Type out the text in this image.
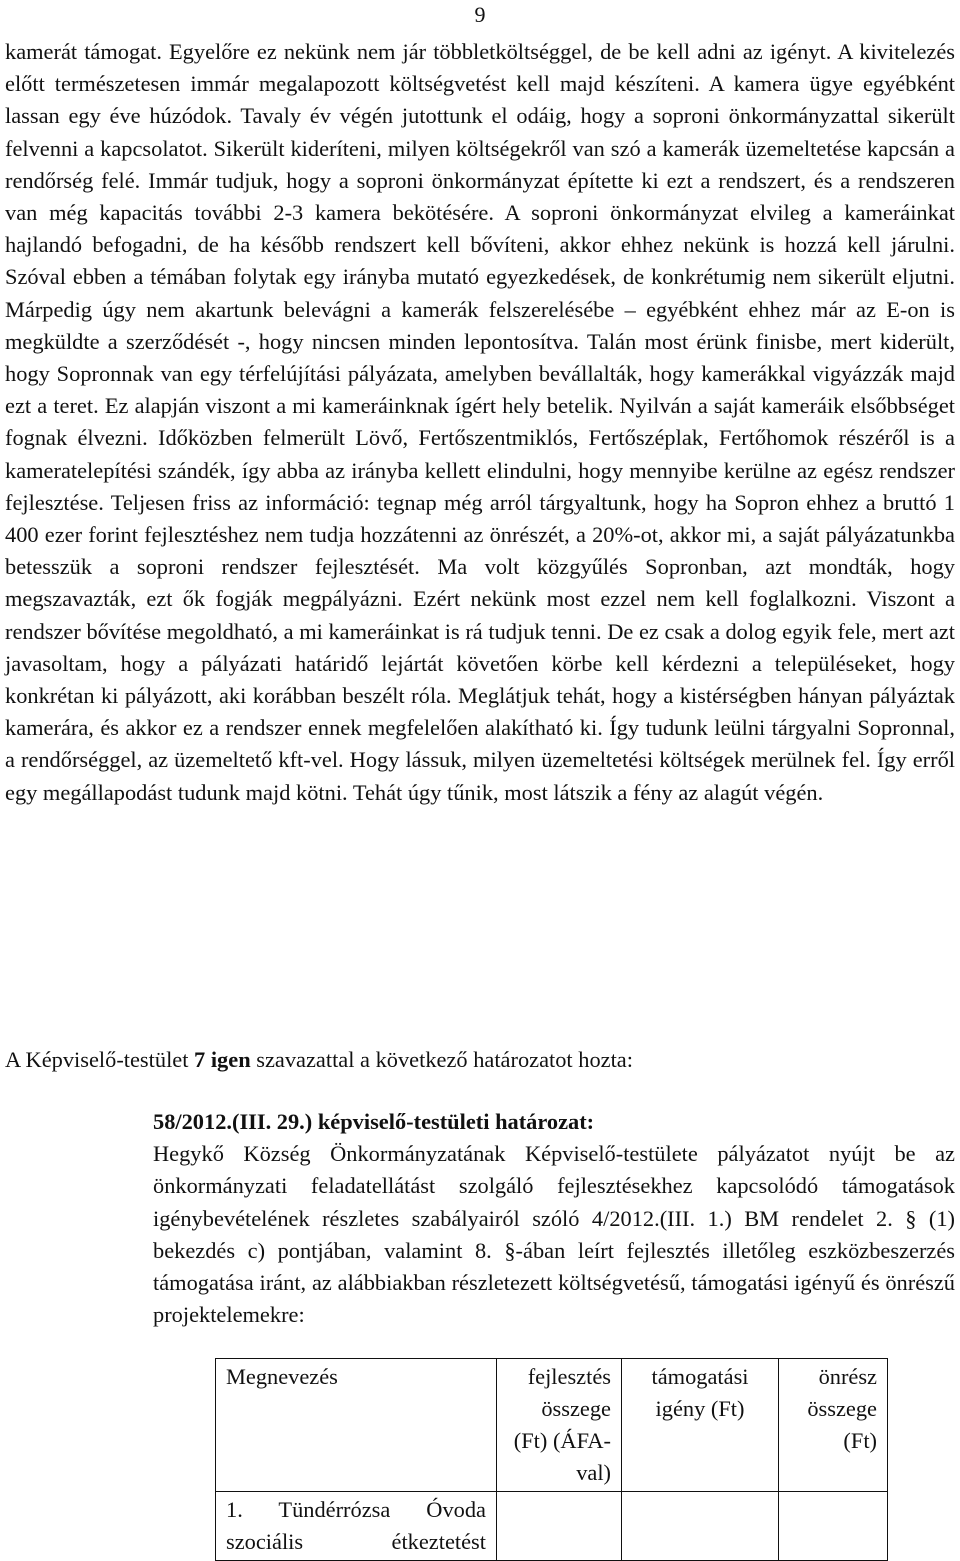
9

kamerát támogat. Egyelőre ez nekünk nem jár többletköltséggel, de be kell adni az igényt. A kivitelezés előtt természetesen immár megalapozott költségvetést kell majd készíteni. A kamera ügye egyébként lassan egy éve húzódok. Tavaly év végén jutottunk el odáig, hogy a soproni önkormányzattal sikerült felvenni a kapcsolatot. Sikerült kideríteni, milyen költségekről van szó a kamerák üzemeltetése kapcsán a rendőrség felé. Immár tudjuk, hogy a soproni önkormányzat építette ki ezt a rendszert, és a rendszeren van még kapacitás további 2-3 kamera bekötésére. A soproni önkormányzat elvileg a kameráinkat hajlandó befogadni, de ha később rendszert kell bővíteni, akkor ehhez nekünk is hozzá kell járulni. Szóval ebben a témában folytak egy irányba mutató egyezkedések, de konkrétumig nem sikerült eljutni. Márpedig úgy nem akartunk belevágni a kamerák felszerelésébe – egyébként ehhez már az E-on is megküldte a szerződését -, hogy nincsen minden lepontosítva. Talán most érünk finisbe, mert kiderült, hogy Sopronnak van egy térfelújítási pályázata, amelyben bevállalták, hogy kamerákkal vigyázzák majd ezt a teret. Ez alapján viszont a mi kameráinknak ígért hely betelik. Nyilván a saját kameráik elsőbbséget fognak élvezni. Időközben felmerült Lövő, Fertőszentmiklós, Fertőszéplak, Fertőhomok részéről is a kameratelepítési szándék, így abba az irányba kellett elindulni, hogy mennyibe kerülne az egész rendszer fejlesztése. Teljesen friss az információ: tegnap még arról tárgyaltunk, hogy ha Sopron ehhez a bruttó 1 400 ezer forint fejlesztéshez nem tudja hozzátenni az önrészét, a 20%-ot, akkor mi, a saját pályázatunkba betesszük a soproni rendszer fejlesztését. Ma volt közgyűlés Sopronban, azt mondták, hogy megszavazták, ezt ők fogják megpályázni. Ezért nekünk most ezzel nem kell foglalkozni. Viszont a rendszer bővítése megoldható, a mi kameráinkat is rá tudjuk tenni. De ez csak a dolog egyik fele, mert azt javasoltam, hogy a pályázati határidő lejártát követően körbe kell kérdezni a településeket, hogy konkrétan ki pályázott, aki korábban beszélt róla. Meglátjuk tehát, hogy a kistérségben hányan pályáztak kamerára, és akkor ez a rendszer ennek megfelelően alakítható ki. Így tudunk leülni tárgyalni Sopronnal, a rendőrséggel, az üzemeltető kft-vel. Hogy lássuk, milyen üzemeltetési költségek merülnek fel. Így erről egy megállapodást tudunk majd kötni. Tehát úgy tűnik, most látszik a fény az alagút végén.

A Képviselő-testület 7 igen szavazattal a következő határozatot hozta:
58/2012.(III. 29.) képviselő-testületi határozat:

Hegykő Község Önkormányzatának Képviselő-testülete pályázatot nyújt be az önkormányzati feladatellátást szolgáló fejlesztésekhez kapcsolódó támogatások igénybevételének részletes szabályairól szóló 4/2012.(III. 1.) BM rendelet 2. § (1) bekezdés c) pontjában, valamint 8. §-ában leírt fejlesztés illetőleg eszközbeszerzés támogatása iránt, az alábbiakban részletezett költségvetésű, támogatási igényű és önrészű projektelemekre:

Megnevezés	fejlesztés összege (Ft) (ÁFA-val)	támogatási igény (Ft)	önrész összege (Ft)

1. Tündérrózsa Óvoda
szociális étkeztetést			
